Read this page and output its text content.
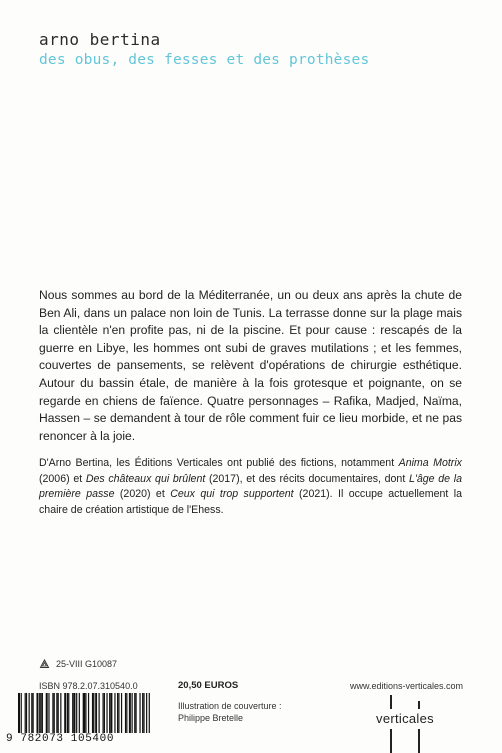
arno bertina
des obus, des fesses et des prothèses

Nous sommes au bord de la Méditerranée, un ou deux ans après la chute de Ben Ali, dans un palace non loin de Tunis. La terrasse donne sur la plage mais la clientèle n'en profite pas, ni de la piscine. Et pour cause : rescapés de la guerre en Libye, les hommes ont subi de graves mutilations ; et les femmes, couvertes de pansements, se relèvent d'opérations de chirurgie esthétique. Autour du bassin étale, de manière à la fois grotesque et poignante, on se regarde en chiens de faïence. Quatre personnages – Rafika, Madjed, Naïma, Hassen – se demandent à tour de rôle comment fuir ce lieu morbide, et ne pas renoncer à la joie.

D'Arno Bertina, les Éditions Verticales ont publié des fictions, notamment Anima Motrix (2006) et Des châteaux qui brûlent (2017), et des récits documentaires, dont L'âge de la première passe (2020) et Ceux qui trop supportent (2021). Il occupe actuellement la chaire de création artistique de l'Ehess.

25-VIII G10087
ISBN 978.2.07.310540.0	20,50 EUROS	www.editions-verticales.com
Illustration de couverture :
Philippe Bretelle
9 782073 105400
verticales
